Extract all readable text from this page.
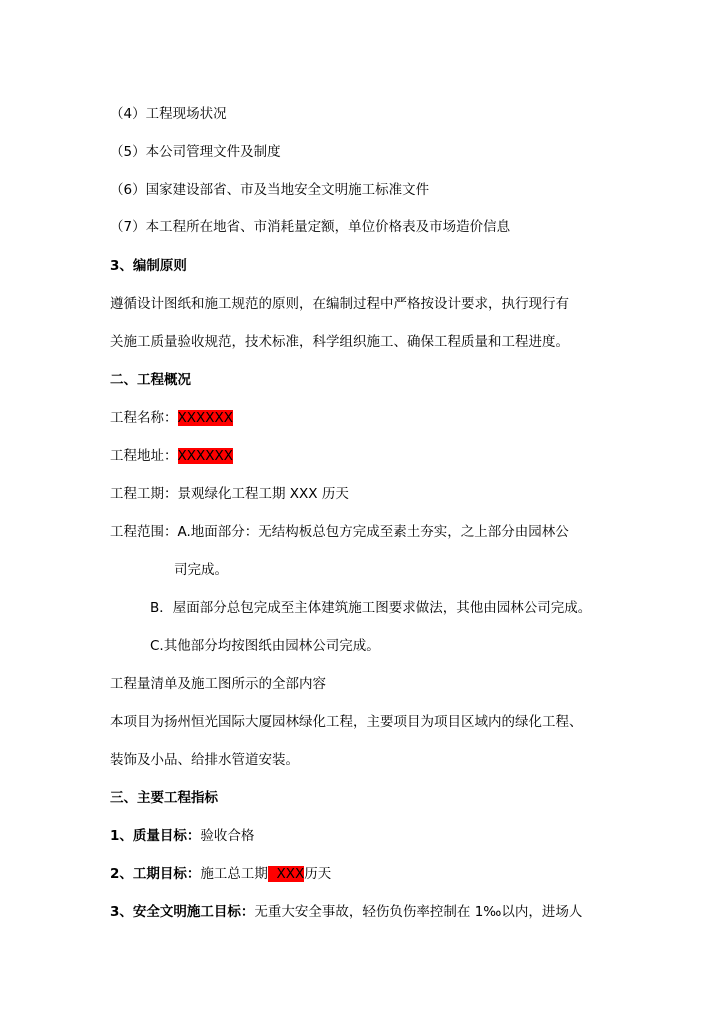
（4）工程现场状况
（5）本公司管理文件及制度
（6）国家建设部省、市及当地安全文明施工标准文件
（7）本工程所在地省、市消耗量定额，单位价格表及市场造价信息
3、编制原则
遵循设计图纸和施工规范的原则，在编制过程中严格按设计要求，执行现行有
关施工质量验收规范，技术标准，科学组织施工、确保工程质量和工程进度。
二、工程概况
工程名称：XXXXXX
工程地址：XXXXXX
工程工期：景观绿化工程工期 XXX 历天
工程范围：A.地面部分：无结构板总包方完成至素土夯实，之上部分由园林公
司完成。
B．屋面部分总包完成至主体建筑施工图要求做法，其他由园林公司完成。
C.其他部分均按图纸由园林公司完成。
工程量清单及施工图所示的全部内容
本项目为扬州恒光国际大厦园林绿化工程，主要项目为项目区域内的绿化工程、
装饰及小品、给排水管道安装。
三、主要工程指标
1、质量目标：验收合格
2、工期目标：施工总工期  XXX历天
3、安全文明施工目标：无重大安全事故，轻伤负伤率控制在 1‰以内，进场人
